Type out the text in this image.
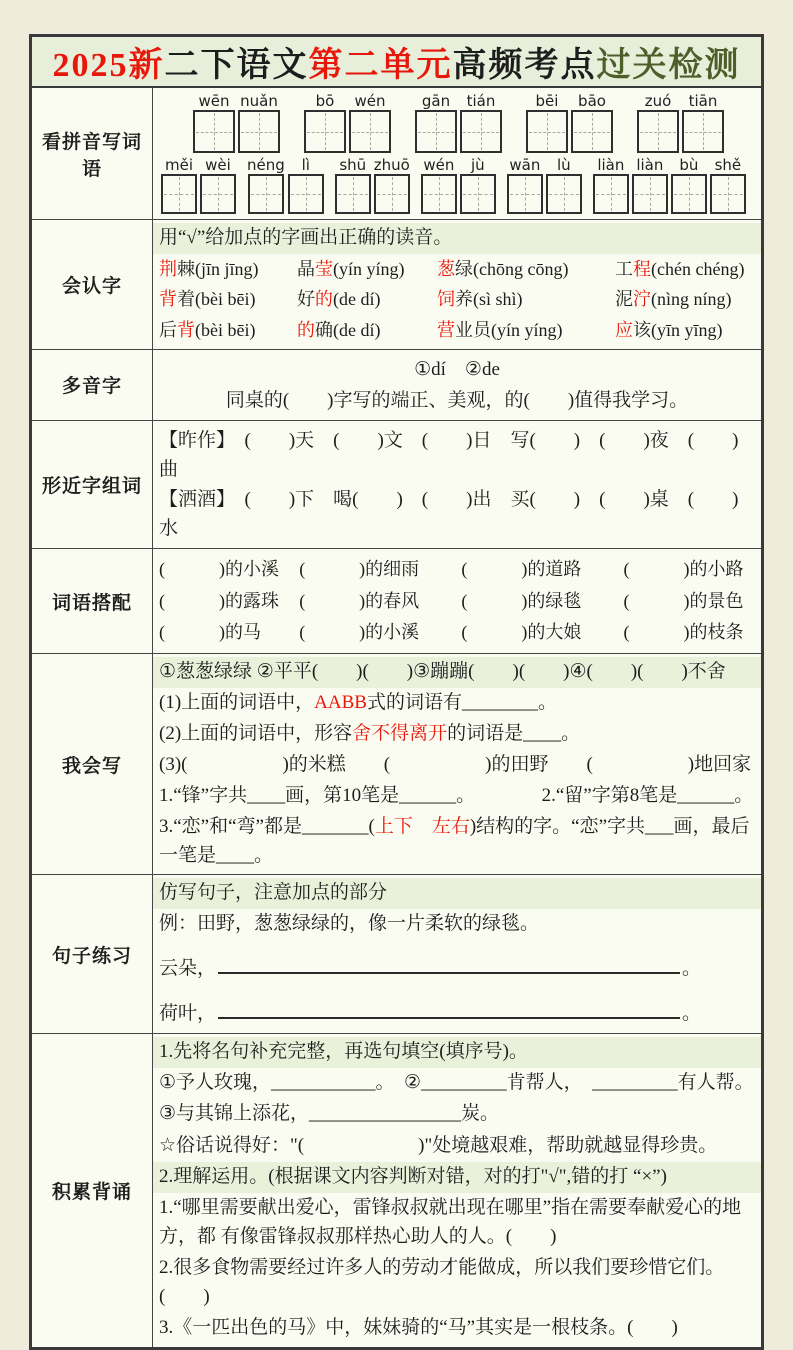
2025新 二下语文 第二单元 高频考点 过关检测
看拼音写词语
wēn nuǎn	bō wén gān tián	bēi bāo	zuó tiān
měi wèi néng lì shū zhuō wén jù wān lù liàn liàn bù shě
会认字
用“√”给加点的字画出正确的读音。
荆棘(jīn jīng)	晶莹(yín yíng) 葱绿(chōng cōng)	工程(chén chéng)
背着(bèi bēi)	好的(de dí)	饲养(sì shì)	泥泞(nìng níng)
后背(bèi bēi)	的确(de dí)	营业员(yín yíng)	应该(yīn yīng)
多音字
①dí　②de
同桌的(　　)字写的端正、美观，的(　　)值得我学习。
形近字组词
【昨作】　(　　)天　(　　)文　(　　)日　写(　　)　(　　)夜　(　　)曲
【洒酒】　(　　)下　喝(　　)　(　　)出　买(　　)　(　　)桌　(　　)水
词语搭配
(　　　)的小溪	(　　　)的细雨	(　　　)的道路	(　　　)的小路
(　　　)的露珠	(　　　)的春风	(　　　)的绿毯	(　　　)的景色
(　　　)的马	(　　　)的小溪	(　　　)的大娘	(　　　)的枝条
我会写
①葱葱绿绿 ②平平(　　)(　　)③蹦蹦(　　)(　　)④(　　)(　　)不舍
(1)上面的词语中，AABB式的词语有________。
(2)上面的词语中，形容舍不得离开的词语是____。
(3)(　　　　　)的米糕　　(　　　　　)的田野　　(　　　　　)地回家
1.“锋”字共____画，第10笔是______。　　　　2.“留”字第8笔是______。
3.“恋”和“弯”都是_______(上下　左右)结构的字。“恋”字共___画，最后一笔是____。
句子练习
仿写句子，注意加点的部分
例：田野，葱葱绿绿的，像一片柔软的绿毯。
云朵，	。
荷叶，	。
积累背诵
1.先将名句补充完整，再选句填空(填序号)。
①予人玫瑰，___________。　②_________肯帮人，　_________有人帮。
③与其锦上添花，________________炭。
☆俗话说得好："(　　　　　　)"处境越艰难，帮助就越显得珍贵。
2.理解运用。(根据课文内容判断对错，对的打"√",错的打 “×”)
1.“哪里需要献出爱心，雷锋叔叔就出现在哪里”指在需要奉献爱心的地方，都 有像雷锋叔叔那样热心助人的人。(　　)
2.很多食物需要经过许多人的劳动才能做成，所以我们要珍惜它们。(　　)
3.《一匹出色的马》中，妹妹骑的“马”其实是一根枝条。(　　)
